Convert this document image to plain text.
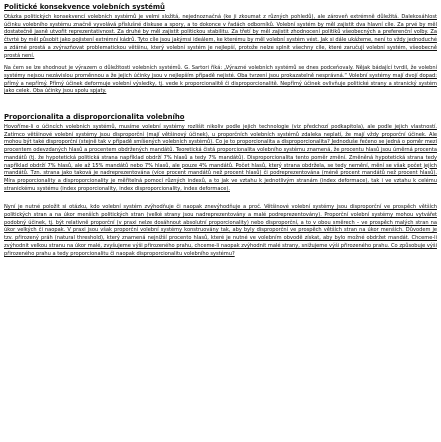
Politické konsekvence volebních systémů

Otázka politických konsekvencí volebních systémů je velmi složitá, nejednoznačná (ke ji zkoumat z různých pohledů), ale zároveň extrémně důležitá. Dalekosáhlost účinku volebního systému značně vyvolává příslušné diskuse a spory, a to dokonce v řadách odborníků. Volební systém by měl zajistit dva hlavní cíle. Za prvé by měl dostatečně jasně utvořit reprezentativnost. Za druhé by měl zajistit politickou stabilitu. Za třetí by měl zajistit zhodnocení politiků všeobecných a preferenční volby. Za čtvrté by měl působit jako pojistení extrémní kádrů. Tyto cíle jsou jakýmsi ideálem, ke kterému by měl volební systém vést. Jak si dále ukážeme, není to vždy jednoduché a zdárné prostá a zvýrazňovat problematickou většinu, který volební systém je nejlepší, protože nelze splnit všechny cíle, které zaručují volební systém, všeobecně prostá není.

Na čem se lze shodnout je výrazem o důležitosti volebních systémů. G. Sartori říká: „Výrazné volebních systémů se dnes podceňovaly. Nějak bádající tvrdil, že volební systémy nejsou nezávislou proměnnou a že jejich účinky jsou v nejlepším případě nejisté. Oba tvrzení jsou prokazatelně nesprávná.“ Volební systémy mají dvojí dopad: přímý a nepřímý. Přímý účinek deformuje volební výsledky, tj. vede k proporcionalitě či disproporcionalitě. Nepřímý účinek ovlivňuje politické strany a stranický systém jako celek. Oba účinky jsou spolu spjaty.

Proporcionalita a disproporcionalita volebního

Hovoříme-li o účincích volebních systémů, musíme volební systémy rozlišit nikoliv podle jejich technologie (viz předchozí podkapitola), ale podle jejich vlastností. Zatímco většinové volební systémy jsou disproporční (mají většinový účinek), u proporčních volebních systémů zdaleka neplatí, že mají vždy proporční účinek. Ale mohou být také disproporční (stejně tak v případě smíšených volebních systémů). Co je to proporcionalita a disproporcionalita? Jednoduše řečeno se jedná o poměr mezi procentem odevzdaných hlasů a procentem obdržených mandátů. Teoretická čistá proporcionalita volebního systému znamená, že procentu hlasů jsou úměrná procenta mandátů (tj. že hypotetická politická strana například obdrží 7% hlasů a tedy 7% mandátů). Disproporcionalita tento poměr změní. Změněná hypotetická strana tedy například obdrží 7% hlasů, ale až 15% mandátů nebo 7% hlasů, ale pouze 4% mandátů. Počet hlasů, který strana obdržela, se tedy nemění, mění se však počet jejích mandátů. Tzn. strana jako taková je nadreprezentována (více procent mandátů než procent hlasů) či podreprezentována (méně procent mandátů než procent hlasů). Míra proporcionality a disproporcionality je měřitelná pomocí různých indexů, a to jak ve vztahu k jednotlivým stranám (index deformace), tak i ve vztahu k celému stranickému systému (index proporcionality, index disproporcionality, index deformace).

Nyní je nutné položit si otázku, kdo volební systém zvýhodňuje či naopak znevýhodňuje a proč. Většinové volební systémy jsou disproporční ve prospěch větších politických stran a na úkor menších politických stran (velké strany jsou nadreprezentovány a malé podreprezentovány). Proporční volební systémy mohou vytvářet podobný účinek, tj. být relativně proporční (v praxi nelze dosáhnout absolutní proporcionality) nebo disproporční, a to v obou směrech – ve prospěch malých stran na úkor velkých či naopak. V praxi jsou však proporční volební systémy konstruovány tak, aby byly disproporční ve prospěch větších stran na úkor menších. Důvodem je tzv. přirozený práh (natural threshold), který znamená nejnižší procento hlasů, které je nutné ve volebním obvodě získat, aby bylo možné obdržet mandát. Chceme-li zvýhodnit velkou stranu na úkor malé, zvyšujeme výši přirozeného prahu, chceme-li naopak zvýhodnit malé strany, snižujeme výši přirozeného prahu. Co způsobuje výši přirozeného prahu a tedy proporcionalitu či naopak disproporcionalitu volebního systému?
